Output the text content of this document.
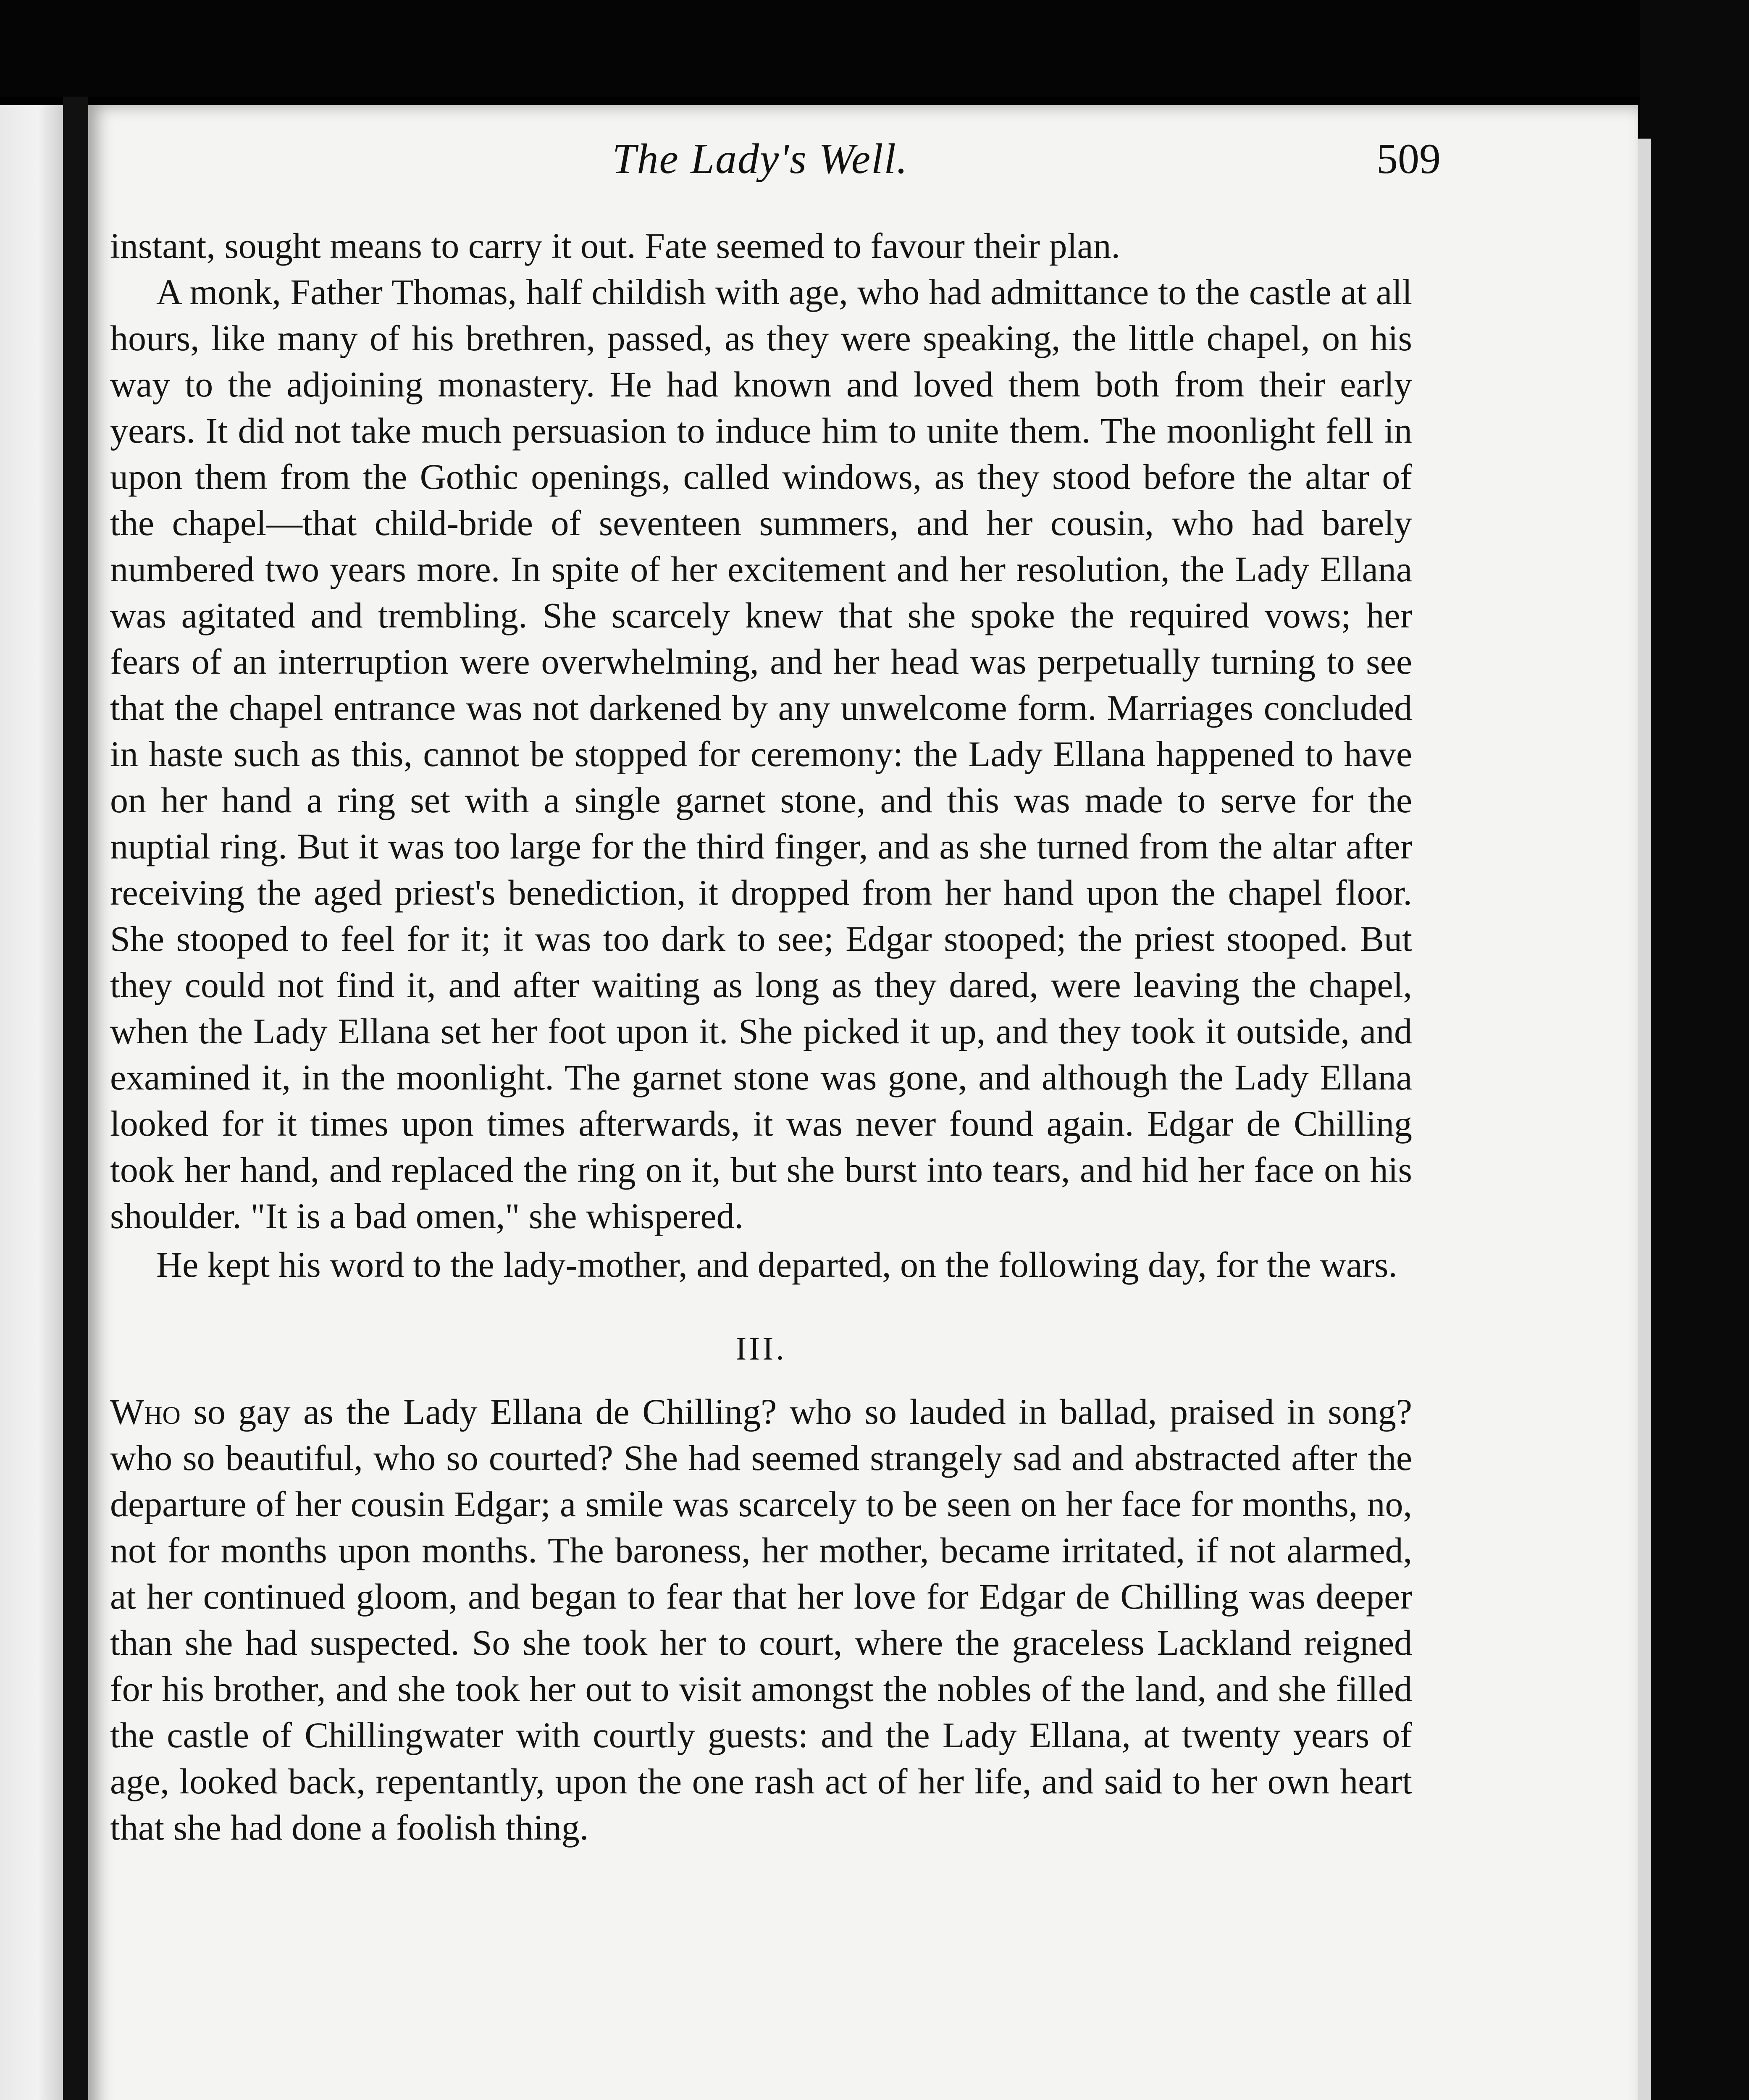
The Lady's Well.	509

instant, sought means to carry it out. Fate seemed to favour their plan.

A monk, Father Thomas, half childish with age, who had admittance to the castle at all hours, like many of his brethren, passed, as they were speaking, the little chapel, on his way to the adjoining monastery. He had known and loved them both from their early years. It did not take much persuasion to induce him to unite them. The moonlight fell in upon them from the Gothic openings, called windows, as they stood before the altar of the chapel—that child-bride of seventeen summers, and her cousin, who had barely numbered two years more. In spite of her excitement and her resolution, the Lady Ellana was agitated and trembling. She scarcely knew that she spoke the required vows; her fears of an interruption were overwhelming, and her head was perpetually turning to see that the chapel entrance was not darkened by any unwelcome form. Marriages concluded in haste such as this, cannot be stopped for ceremony: the Lady Ellana happened to have on her hand a ring set with a single garnet stone, and this was made to serve for the nuptial ring. But it was too large for the third finger, and as she turned from the altar after receiving the aged priest's benediction, it dropped from her hand upon the chapel floor. She stooped to feel for it; it was too dark to see; Edgar stooped; the priest stooped. But they could not find it, and after waiting as long as they dared, were leaving the chapel, when the Lady Ellana set her foot upon it. She picked it up, and they took it outside, and examined it, in the moonlight. The garnet stone was gone, and although the Lady Ellana looked for it times upon times afterwards, it was never found again. Edgar de Chilling took her hand, and replaced the ring on it, but she burst into tears, and hid her face on his shoulder. "It is a bad omen," she whispered.

He kept his word to the lady-mother, and departed, on the following day, for the wars.

III.

Who so gay as the Lady Ellana de Chilling? who so lauded in ballad, praised in song? who so beautiful, who so courted? She had seemed strangely sad and abstracted after the departure of her cousin Edgar; a smile was scarcely to be seen on her face for months, no, not for months upon months. The baroness, her mother, became irritated, if not alarmed, at her continued gloom, and began to fear that her love for Edgar de Chilling was deeper than she had suspected. So she took her to court, where the graceless Lackland reigned for his brother, and she took her out to visit amongst the nobles of the land, and she filled the castle of Chillingwater with courtly guests: and the Lady Ellana, at twenty years of age, looked back, repentantly, upon the one rash act of her life, and said to her own heart that she had done a foolish thing.
